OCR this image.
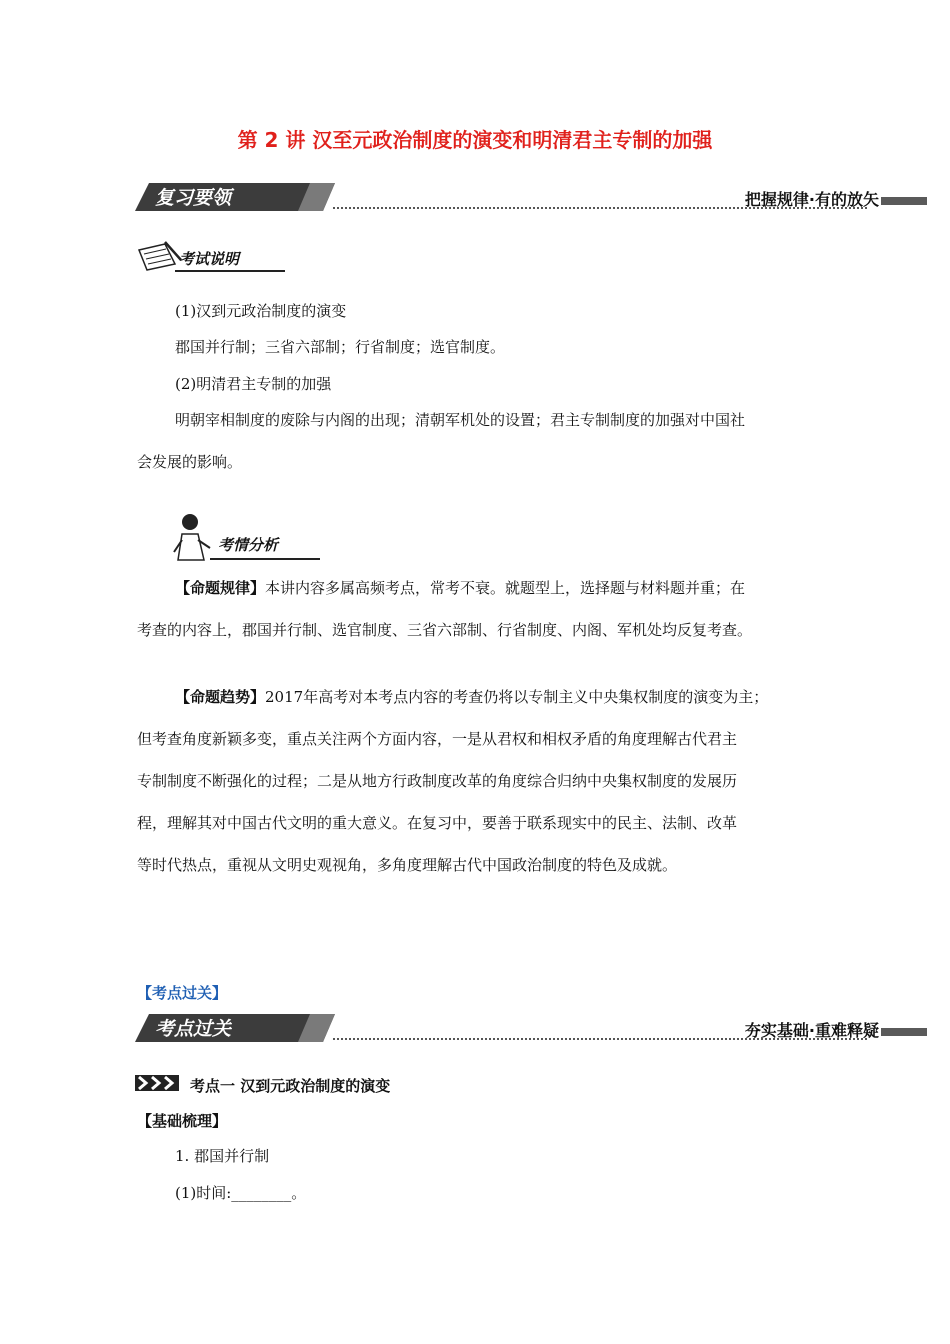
第 2 讲 汉至元政治制度的演变和明清君主专制的加强
复习要领	把握规律·有的放矢
考试说明
(1)汉到元政治制度的演变
郡国并行制；三省六部制；行省制度；选官制度。
(2)明清君主专制的加强
明朝宰相制度的废除与内阁的出现；清朝军机处的设置；君主专制制度的加强对中国社
会发展的影响。
考情分析
【命题规律】本讲内容多属高频考点，常考不衰。就题型上，选择题与材料题并重；在
考查的内容上，郡国并行制、选官制度、三省六部制、行省制度、内阁、军机处均反复考查。
【命题趋势】2017年高考对本考点内容的考查仍将以专制主义中央集权制度的演变为主；
但考查角度新颖多变，重点关注两个方面内容，一是从君权和相权矛盾的角度理解古代君主
专制制度不断强化的过程；二是从地方行政制度改革的角度综合归纳中央集权制度的发展历
程，理解其对中国古代文明的重大意义。在复习中，要善于联系现实中的民主、法制、改革
等时代热点，重视从文明史观视角，多角度理解古代中国政治制度的特色及成就。
【考点过关】
考点过关	夯实基础·重难释疑
考点一 汉到元政治制度的演变
【基础梳理】
1. 郡国并行制
(1)时间:________。
